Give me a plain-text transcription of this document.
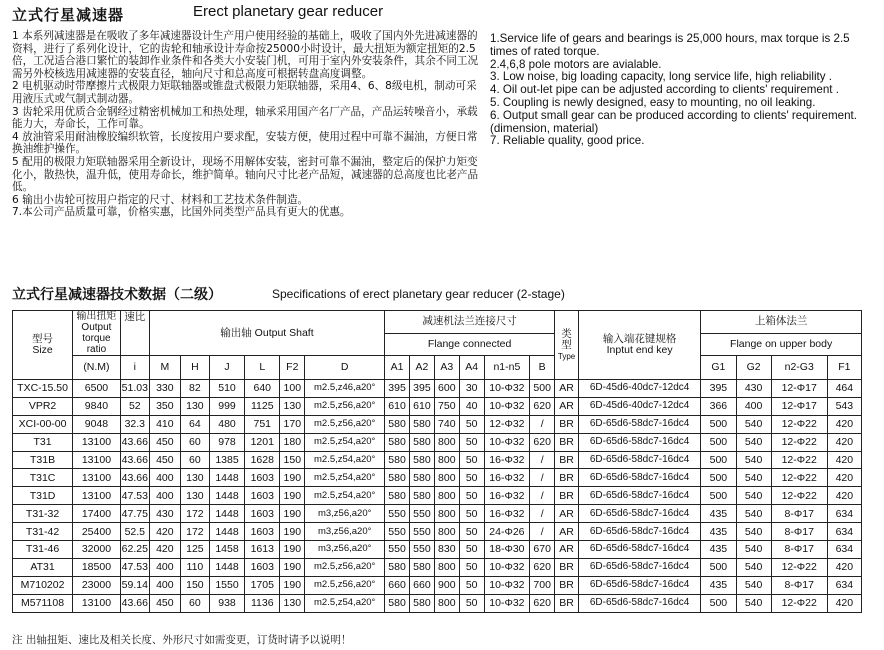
立式行星减速器	Erect planetary gear reducer

1 本系列减速器是在吸收了多年减速器设计生产用户使用经验的基础上，吸收了国内外先进减速器的资料，进行了系列化设计，它的齿轮和轴承设计寿命按25000小时设计，最大扭矩为额定扭矩的2.5倍，工况适合港口繁忙的装卸作业条件和各类大小安装门机，可用于室内外安装条件，其余不同工况需另外校核选用减速器的安装直径，轴向尺寸和总高度可根据转盘高度调整。

2 电机驱动时带摩擦片式极限力矩联轴器或锥盘式极限力矩联轴器，采用4、6、8级电机，制动可采用液压式或气制式制动器。

3 齿轮采用优质合金钢经过精密机械加工和热处理，轴承采用国产名厂产品，产品运转噪音小，承载能力大，寿命长，工作可靠。

4 放油管采用耐油橡胶编织软管，长度按用户要求配，安装方便，使用过程中可靠不漏油，方便日常换油维护操作。

5 配用的极限力矩联轴器采用全新设计，现场不用解体安装，密封可靠不漏油，整定后的保护力矩变化小，散热快，温升低，使用寿命长，维护简单。轴向尺寸比老产品短，减速器的总高度也比老产品低。

6 输出小齿轮可按用户指定的尺寸、材料和工艺技术条件制造。

7.本公司产品质量可靠，价格实惠，比国外同类型产品具有更大的优惠。

1.Service life of gears and bearings is 25,000 hours, max torque is 2.5 times of rated torque.

2.4,6,8 pole motors are avialable.

3. Low noise, big loading capacity, long service life, high reliability .

4. Oil out-let pipe can be adjusted according to clients' requirement .

5. Coupling is newly designed, easy to mounting, no oil leaking.

6. Output small gear can be produced according to clients' requirement.(dimension, material)

7. Reliable quality, good price.

立式行星减速器技术数据（二级）	Specifications of erect planetary gear reducer (2-stage)
型号
Size	输出扭矩
Output
torque
ratio	速比	输出轴 Output Shaft						减速机法兰连接尺寸						类
型
Type	输入端花键规格
Inptut end key	上箱体法兰			

									Flange connected								Flange on upper body			
	(N.M)	i	M	H	J	L	F2	D	A1	A2	A3	A4	n1-n5	B			G1	G2	n2-G3	F1
TXC-15.50	6500	51.03	330	82	510	640	100	m2.5,z46,a20°	395	395	600	30	10-Φ32	500	AR	6D-45d6-40dc7-12dc4	395	430	12-Φ17	464
VPR2	9840	52	350	130	999	1125	130	m2.5,z56,a20°	610	610	750	40	10-Φ32	620	AR	6D-45d6-40dc7-12dc4	366	400	12-Φ17	543
XCI-00-00	9048	32.3	410	64	480	751	170	m2.5,z56,a20°	580	580	740	50	12-Φ32	/	BR	6D-65d6-58dc7-16dc4	500	540	12-Φ22	420
T31	13100	43.66	450	60	978	1201	180	m2.5,z54,a20°	580	580	800	50	10-Φ32	620	BR	6D-65d6-58dc7-16dc4	500	540	12-Φ22	420
T31B	13100	43.66	450	60	1385	1628	150	m2.5,z54,a20°	580	580	800	50	16-Φ32	/	BR	6D-65d6-58dc7-16dc4	500	540	12-Φ22	420
T31C	13100	43.66	400	130	1448	1603	190	m2.5,z54,a20°	580	580	800	50	16-Φ32	/	BR	6D-65d6-58dc7-16dc4	500	540	12-Φ22	420
T31D	13100	47.53	400	130	1448	1603	190	m2.5,z54,a20°	580	580	800	50	16-Φ32	/	BR	6D-65d6-58dc7-16dc4	500	540	12-Φ22	420
T31-32	17400	47.75	430	172	1448	1603	190	m3,z56,a20°	550	550	800	50	16-Φ32	/	AR	6D-65d6-58dc7-16dc4	435	540	8-Φ17	634
T31-42	25400	52.5	420	172	1448	1603	190	m3,z56,a20°	550	550	800	50	24-Φ26	/	AR	6D-65d6-58dc7-16dc4	435	540	8-Φ17	634
T31-46	32000	62.25	420	125	1458	1613	190	m3,z56,a20°	550	550	830	50	18-Φ30	670	AR	6D-65d6-58dc7-16dc4	435	540	8-Φ17	634
AT31	18500	47.53	400	110	1448	1603	190	m2.5,z56,a20°	580	580	800	50	10-Φ32	620	BR	6D-65d6-58dc7-16dc4	500	540	12-Φ22	420
M710202	23000	59.14	400	150	1550	1705	190	m2.5,z56,a20°	660	660	900	50	10-Φ32	700	BR	6D-65d6-58dc7-16dc4	435	540	8-Φ17	634
M571108	13100	43.66	450	60	938	1136	130	m2.5,z54,a20°	580	580	800	50	10-Φ32	620	BR	6D-65d6-58dc7-16dc4	500	540	12-Φ22	420
注 出轴扭矩、速比及相关长度、外形尺寸如需变更，订货时请予以说明！
